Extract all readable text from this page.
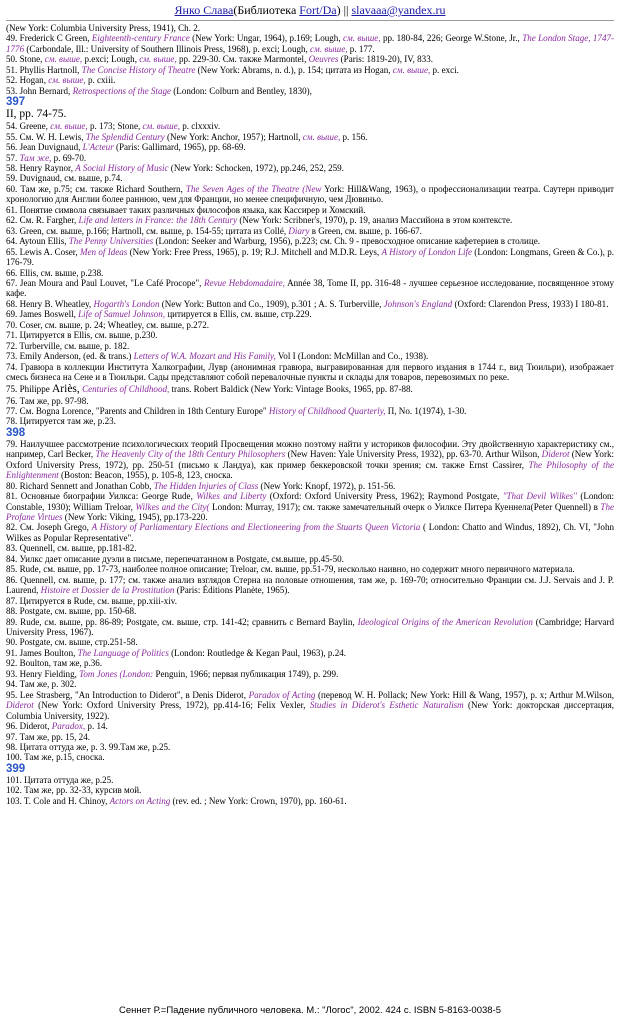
Янко Слава(Библиотека Fort/Da) || slavaaa@yandex.ru
(New York: Columbia University Press, 1941), Ch. 2.
49. Frederick C Green, Eighteenth-century France (New York: Ungar, 1964), p.169; Lough, см. выше, pp. 180-84, 226; George W.Stone, Jr., The London Stage, 1747-1776 (Carbondale, Ill.: University of Southern Illinois Press, 1968), p. exci; Lough, см. выше, p. 177.
50. Stone, см. выше, p.exci; Lough, см. выше, pp. 229-30. См. также Marmontel, Oeuvres (Paris: 1819-20), IV, 833.
51. Phyllis Hartnoll, The Concise History of Theatre (New York: Abrams, n. d.), p. 154; цитата из Hogan, см. выше, p. exci.
52. Hogan, см. выше, p. cxiii.
53. John Bernard, Retrospections of the Stage (London: Colburn and Bentley, 1830),
397
II, pp. 74-75.
54. Greene, см. выше, p. 173; Stone, см. выше, p. clxxxiv.
55. См. W. H. Lewis, The Splendid Century (New York: Anchor, 1957); Hartnoll, см. выше, p. 156.
56. Jean Duvignaud, L'Acteur (Paris: Gallimard, 1965), pp. 68-69.
57. Там же, p. 69-70.
58. Henry Raynor, A Social History of Music (New York: Schocken, 1972), pp.246, 252, 259.
59. Duvignaud, см. выше, p.74.
60. Там же, p.75; см. также Richard Southern, The Seven Ages of the Theatre (New York: Hill&Wang, 1963), о профессионализации театра. Саутерн приводит хронологию для Англии более раннюю, чем для Франции, но менее специфичную, чем Дювиньо.
61. Понятие символа связывает таких различных философов языка, как Кассирер и Хомский.
62. См. R. Fargher, Life and letters in France: the 18th Century (New York: Scribner's, 1970), p. 19, анализ Массийона в этом контексте.
63. Green, см. выше, p.166; Hartnoll, см. выше, p. 154-55; цитата из Collé, Diary в Green, см. выше, p. 166-67.
64. Aytoun Ellis, The Penny Universities (London: Seeker and Warburg, 1956), p.223; см. Ch. 9 - превосходное описание кафетериев в столице.
65. Lewis A. Coser, Men of Ideas (New York: Free Press, 1965), p. 19; R.J. Mitchell and M.D.R. Leys, A History of London Life (London: Longmans, Green & Co.), p. 176-79.
66. Ellis, см. выше, p.238.
67. Jean Moura and Paul Louvet, "Le Café Procope", Revue Hebdomadaire, Année 38, Tome II, pp. 316-48 - лучшее серьезное исследование, посвященное этому кафе.
68. Henry B. Wheatley, Hogarth's London (New York: Button and Co., 1909), p.301 ; A. S. Turberville, Johnson's England (Oxford: Clarendon Press, 1933) I 180-81.
69. James Boswell, Life of Samuel Johnson, цитируется в Ellis, см. выше, стр.229.
70. Coser, см. выше, p. 24; Wheatley, см. выше, p.272.
71. Цитируется в Ellis, см. выше, p.230.
72. Turberville, см. выше, p. 182.
73. Emily Anderson, (ed. & trans.) Letters of W.A. Mozart and His Family, Vol I (London: McMillan and Co., 1938).
74. Гравюра в коллекции Института Халкографии, Лувр (анонимная гравюра, выгравированная для первого издания в 1744 г., вид Тюильри), изображает смесь бизнеса на Сене и в Тюильри. Сады представляют собой перевалочные пункты и склады для товаров, перевозимых по реке.
75. Philippe Ariès, Centuries of Childhood, trans. Robert Baldick (New York: Vintage Books, 1965, pp. 87-88.
76. Там же, pp. 97-98.
77. См. Bogna Lorence, "Parents and Children in 18th Century Europe" History of Childhood Quarterly, П, No. 1(1974), 1-30.
78. Цитируется там же, p.23.
398
79. Наилучшее рассмотрение психологических теорий Просвещения можно поэтому найти у историков философии. Эту двойственную характеристику см., например, Carl Becker, The Heavenly City of the 18th Century Philosophers (New Haven: Yale University Press, 1932), pp. 63-70. Arthur Wilson, Diderot (New York: Oxford University Press, 1972), pp. 250-51 (письмо к Ландуа), как пример беккеровской точки зрения; см. также Ernst Cassirer, The Philosophy of the Enlightenment (Boston: Beacon, 1955), p. 105-8, 123, сноска.
80. Richard Sennett and Jonathan Cobb, The Hidden Injuries of Class (New York: Knopf, 1972), p. 151-56.
81. Основные биографии Уилкса: George Rude, Wilkes and Liberty (Oxford: Oxford University Press, 1962); Raymond Postgate, "That Devil Wilkes" (London: Constable, 1930); William Treloar, Wilkes and the City( London: Murray, 1917); см. также замечательный очерк о Уилксе Питера Куеннела(Peter Quennell) в The Profane Virtues (New York: Viking, 1945), pp.173-220.
82. См. Joseph Grego, A History of Parliamentary Elections and Electioneering from the Stuarts Queen Victoria ( London: Chatto and Windus, 1892), Ch. VI, "John Wilkes as Popular Representative".
83. Quennell, см. выше, pp.181-82.
84. Уилкс дает описание дуэли в письме, перепечатанном в Postgate, см.выше, pp.45-50.
85. Rude, см. выше, pp. 17-73, наиболее полное описание; Treloar, см. выше, pp.51-79, несколько наивно, но содержит много первичного материала.
86. Quennell, см. выше, p. 177; см. также анализ взглядов Стерна на половые отношения, там же, p. 169-70; относительно Франции см. J.J. Servais and J. P. Laurend, Histoire et Dossier de la Prostitution (Paris: Éditions Planète, 1965).
87. Цитируется в Rude, см. выше, pp.xiii-xiv.
88. Postgate, см. выше, pp. 150-68.
89. Rude, см. выше, pp. 86-89; Postgate, см. выше, стр. 141-42; сравнить с Bernard Baylin, Ideological Origins of the American Revolution (Cambridge; Harvard University Press, 1967).
90. Postgate, см. выше, стр.251-58.
91. James Boulton, The Language of Politics (London: Routledge & Kegan Paul, 1963), p.24.
92. Boulton, там же, p.36.
93. Henry Fielding, Tom Jones (London: Penguin, 1966; первая публикация 1749), p. 299.
94. Там же, p. 302.
95. Lee Strasberg, "An Introduction to Diderot", в Denis Diderot, Paradox of Acting (перевод W. H. Pollack; New York: Hill & Wang, 1957), p. x; Arthur M.Wilson, Diderot (New York: Oxford University Press, 1972), pp.414-16; Felix Vexler, Studies in Diderot's Esthetic Naturalism (New York: докторская диссертация, Columbia University, 1922).
96. Diderot, Paradox, p. 14.
97. Там же, pp. 15, 24.
98. Цитата оттуда же, р. 3. 99.Там же, p.25.
100. Там же, p.15, сноска.
399
101. Цитата оттуда же, p.25.
102. Там же, pp. 32-33, курсив мой.
103. T. Cole and H. Chinoy, Actors on Acting (rev. ed. ; New York: Crown, 1970), pp. 160-61.
Сеннет Р.=Падение публичного человека. М.: "Логос", 2002. 424 с. ISBN 5-8163-0038-5
